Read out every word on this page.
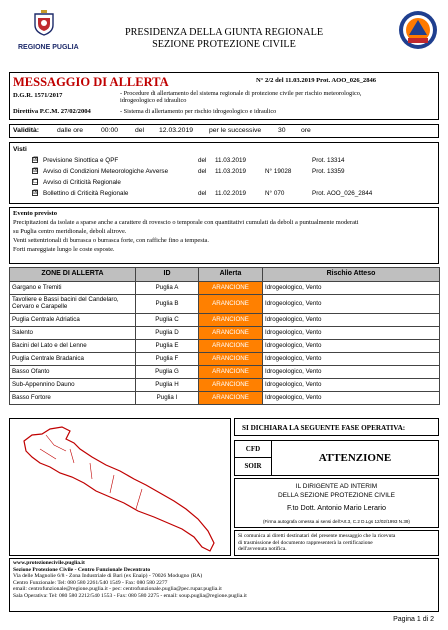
REGIONE PUGLIA
PRESIDENZA DELLA GIUNTA REGIONALE
SEZIONE PROTEZIONE CIVILE
MESSAGGIO DI ALLERTA	N° 2/2 del 11.03.2019 Prot. AOO_026_2846
D.G.R. 1571/2017	- Procedure di allertamento del sistema regionale di protezione civile per rischio meteorologico,
idrogeologico ed idraulico
Direttiva P.C.M. 27/02/2004	- Sistema di allertamento per rischio idrogeologico e idraulico
Validità:	dalle ore	00:00 del 12.03.2019 per le successive 30 ore
Visti
☒ Previsione Sinottica e QPF	del 11.03.2019	Prot. 13314
☒ Avviso di Condizioni Meteorologiche Avverse	del 11.03.2019	N° 19028	Prot. 13359
☐ Avviso di Criticità Regionale
☒ Bollettino di Criticità Regionale	del 11.02.2019	N° 070	Prot. AOO_026_2844
Evento previsto
Precipitazioni da isolate a sparse anche a carattere di rovescio o temporale con quantitativi cumulati da deboli a puntualmente moderati
su Puglia centro meridionale, deboli altrove.
Venti settentrionali di burrasca o burrasca forte, con raffiche fino a tempesta.
Forti mareggiate lungo le coste esposte.
ZONE DI ALLERTA	ID	Allerta	Rischio Atteso
Gargano e Tremiti	Puglia A	ARANCIONE	Idrogeologico, Vento
Tavoliere e Bassi bacini del Candelaro, Cervaro e Carapelle	Puglia B	ARANCIONE	Idrogeologico, Vento
Puglia Centrale Adriatica	Puglia C	ARANCIONE	Idrogeologico, Vento
Salento	Puglia D	ARANCIONE	Idrogeologico, Vento
Bacini del Lato e del Lenne	Puglia E	ARANCIONE	Idrogeologico, Vento
Puglia Centrale Bradanica	Puglia F	ARANCIONE	Idrogeologico, Vento
Basso Ofanto	Puglia G	ARANCIONE	Idrogeologico, Vento
Sub-Appennino Dauno	Puglia H	ARANCIONE	Idrogeologico, Vento
Basso Fortore	Puglia I	ARANCIONE	Idrogeologico, Vento
SI DICHIARA LA SEGUENTE FASE OPERATIVA:
CFD
SOIR
ATTENZIONE
IL DIRIGENTE AD INTERIM
DELLA SEZIONE PROTEZIONE CIVILE
F.to Dott. Antonio Mario Lerario
(Firma autografa omessa ai sensi dell'Art.3, C.2 D.Lgs 12/02/1993 N.39)
Si comunica ai diretti destinatari del presente messaggio che la ricevuta
di trasmissione del documento rappresenterà la certificazione
dell'avvenuta notifica.
www.protezionecivile.puglia.it
Sezione Protezione Civile - Centro Funzionale Decentrato
Via delle Magnolie 6/8 - Zona Industriale di Bari (ex Enaip) - 70026 Modugno (BA)
Centro Funzionale: Tel: 080 580 2261/540 1549 - Fax: 080 580 2277
email: centrofunzionale@regione.puglia.it - pec: centrofunzionale.puglia@pec.rupar.puglia.it
Sala Operativa: Tel: 080 580 2212/540 1553 - Fax: 080 580 2275 - email: soup.puglia@regione.puglia.it
Pagina 1 di 2
